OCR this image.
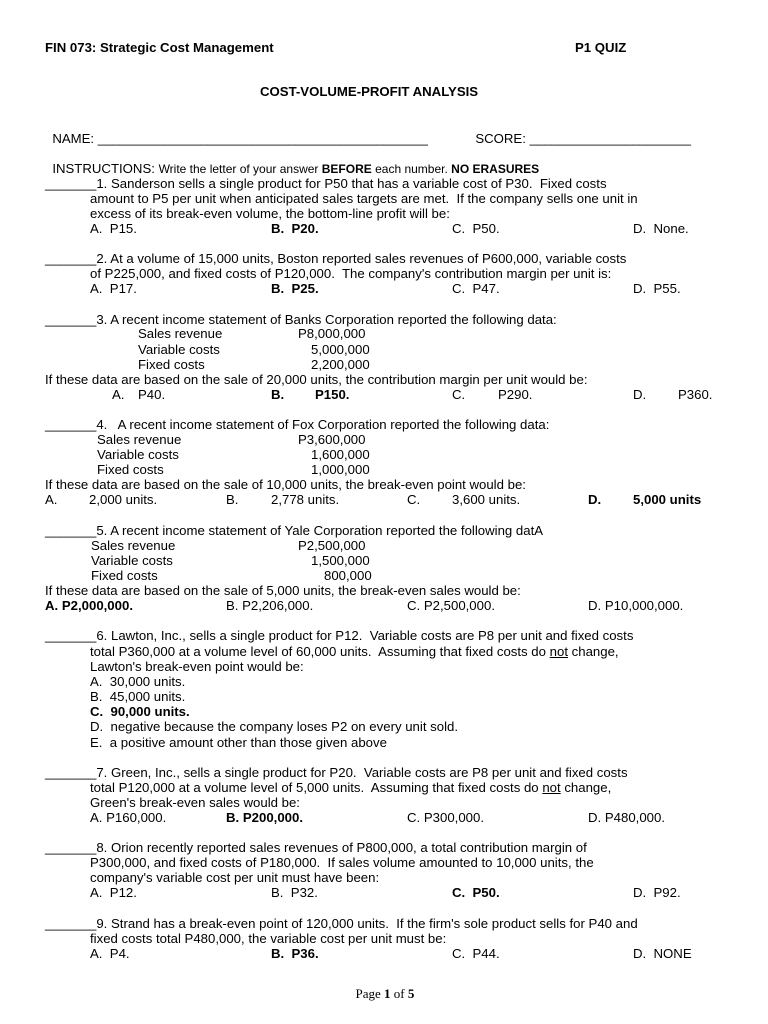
FIN 073: Strategic Cost Management	P1 QUIZ
COST-VOLUME-PROFIT ANALYSIS

NAME: _____________________________________________	SCORE: ______________________

INSTRUCTIONS: Write the letter of your answer BEFORE each number. NO ERASURES

_______1. Sanderson sells a single product for P50 that has a variable cost of P30.  Fixed costs
amount to P5 per unit when anticipated sales targets are met.  If the company sells one unit in
excess of its break-even volume, the bottom-line profit will be:
A.  P15.	B.  P20.	C.  P50.	D.  None.
_______2. At a volume of 15,000 units, Boston reported sales revenues of P600,000, variable costs
of P225,000, and fixed costs of P120,000.  The company's contribution margin per unit is:
A.  P17.	B.  P25.	C.  P47.	D.  P55.
_______3. A recent income statement of Banks Corporation reported the following data:
Sales revenue	P8,000,000
Variable costs	5,000,000
Fixed costs	2,200,000
If these data are based on the sale of 20,000 units, the contribution margin per unit would be:
A. P40.	B. P150.	C. P290.	D. P360.
_______4.   A recent income statement of Fox Corporation reported the following data:
Sales revenue	P3,600,000
Variable costs	1,600,000
Fixed costs	1,000,000
If these data are based on the sale of 10,000 units, the break-even point would be:
A. 2,000 units.	B. 2,778 units.	C. 3,600 units.	D. 5,000 units
_______5. A recent income statement of Yale Corporation reported the following datA
Sales revenue	P2,500,000
Variable costs	1,500,000
Fixed costs	800,000
If these data are based on the sale of 5,000 units, the break-even sales would be:
A. P2,000,000.	B. P2,206,000.	C. P2,500,000.	D. P10,000,000.
_______6. Lawton, Inc., sells a single product for P12.  Variable costs are P8 per unit and fixed costs
total P360,000 at a volume level of 60,000 units.  Assuming that fixed costs do not change,
Lawton's break-even point would be:
A.  30,000 units.
B.  45,000 units.
C.  90,000 units.
D.  negative because the company loses P2 on every unit sold.
E.  a positive amount other than those given above
_______7. Green, Inc., sells a single product for P20.  Variable costs are P8 per unit and fixed costs
total P120,000 at a volume level of 5,000 units.  Assuming that fixed costs do not change,
Green's break-even sales would be:
A. P160,000.	B. P200,000.	C. P300,000.	D. P480,000.
_______8. Orion recently reported sales revenues of P800,000, a total contribution margin of
P300,000, and fixed costs of P180,000.  If sales volume amounted to 10,000 units, the
company's variable cost per unit must have been:
A.  P12.	B.  P32.	C.  P50.	D.  P92.
_______9. Strand has a break-even point of 120,000 units.  If the firm's sole product sells for P40 and
fixed costs total P480,000, the variable cost per unit must be:
A.  P4.	B.  P36.	C.  P44.	D.  NONE

Page 1 of 5
